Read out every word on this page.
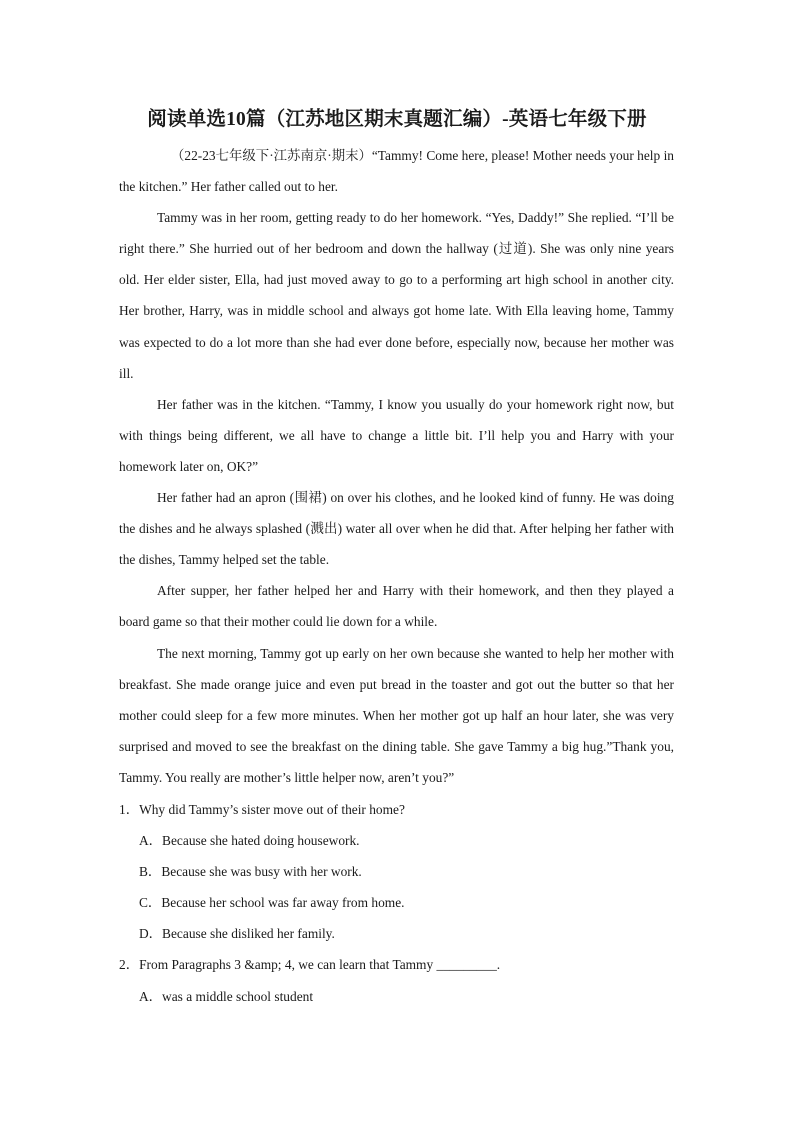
阅读单选10篇（江苏地区期末真题汇编）-英语七年级下册

（22-23七年级下·江苏南京·期末）“Tammy! Come here, please! Mother needs your help in the kitchen.” Her father called out to her.

Tammy was in her room, getting ready to do her homework. “Yes, Daddy!” She replied. “I’ll be right there.” She hurried out of her bedroom and down the hallway (过道). She was only nine years old. Her elder sister, Ella, had just moved away to go to a performing art high school in another city. Her brother, Harry, was in middle school and always got home late. With Ella leaving home, Tammy was expected to do a lot more than she had ever done before, especially now, because her mother was ill.

Her father was in the kitchen. “Tammy, I know you usually do your homework right now, but with things being different, we all have to change a little bit. I’ll help you and Harry with your homework later on, OK?”

Her father had an apron (围裙) on over his clothes, and he looked kind of funny. He was doing the dishes and he always splashed (溅出) water all over when he did that. After helping her father with the dishes, Tammy helped set the table.

After supper, her father helped her and Harry with their homework, and then they played a board game so that their mother could lie down for a while.

The next morning, Tammy got up early on her own because she wanted to help her mother with breakfast. She made orange juice and even put bread in the toaster and got out the butter so that her mother could sleep for a few more minutes. When her mother got up half an hour later, she was very surprised and moved to see the breakfast on the dining table. She gave Tammy a big hug.”Thank you, Tammy. You really are mother’s little helper now, aren’t you?”

1．Why did Tammy’s sister move out of their home?
A．Because she hated doing housework.
B．Because she was busy with her work.
C．Because her school was far away from home.
D．Because she disliked her family.
2．From Paragraphs 3 &amp; 4, we can learn that Tammy _________.
A．was a middle school student
